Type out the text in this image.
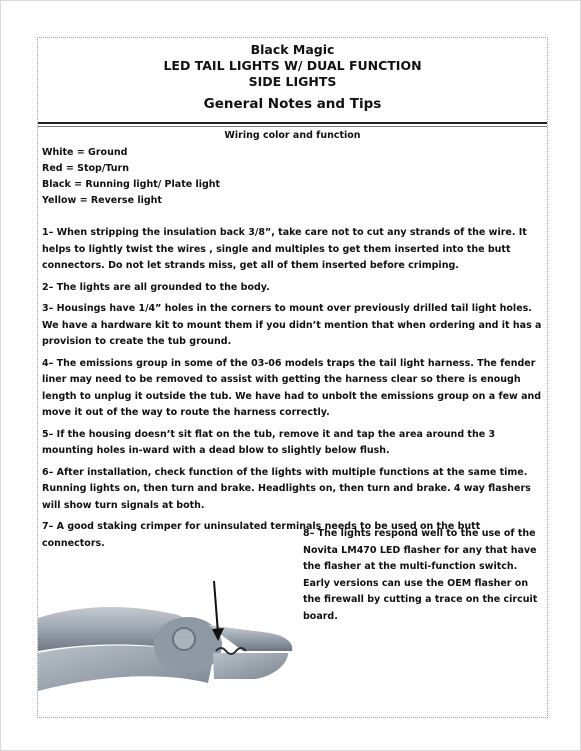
Black Magic
LED TAIL LIGHTS W/ DUAL FUNCTION
SIDE LIGHTS
General Notes and Tips
Wiring color and function
White = Ground
Red = Stop/Turn
Black = Running light/ Plate light
Yellow = Reverse light

1– When stripping the insulation back 3/8”, take care not to cut any strands of the wire. It helps to lightly twist the wires , single and multiples to get them inserted into the butt connectors. Do not let strands miss, get all of them inserted before crimping.

2– The lights are all grounded to the body.

3– Housings have 1/4” holes in the corners to mount over previously drilled tail light holes. We have a hardware kit to mount them if you didn’t mention that when ordering and it has a provision to create the tub ground.

4– The emissions group in some of the 03-06 models traps the tail light harness. The fender liner may need to be removed to assist with getting the harness clear so there is enough length to unplug it outside the tub. We have had to unbolt the emissions group on a few and move it out of the way to route the harness correctly.

5– If the housing doesn’t sit flat on the tub, remove it and tap the area around the 3 mounting holes in-ward with a dead blow to slightly below flush.

6– After installation, check function of the lights with multiple functions at the same time. Running lights on, then turn and brake. Headlights on, then turn and brake. 4 way flashers will show turn signals at both.

7– A good staking crimper for uninsulated terminals needs to be used on the butt connectors.

8– The lights respond well to the use of the Novita LM470 LED flasher for any that have the flasher at the multi-function switch. Early versions can use the OEM flasher on the firewall by cutting a trace on the circuit board.
